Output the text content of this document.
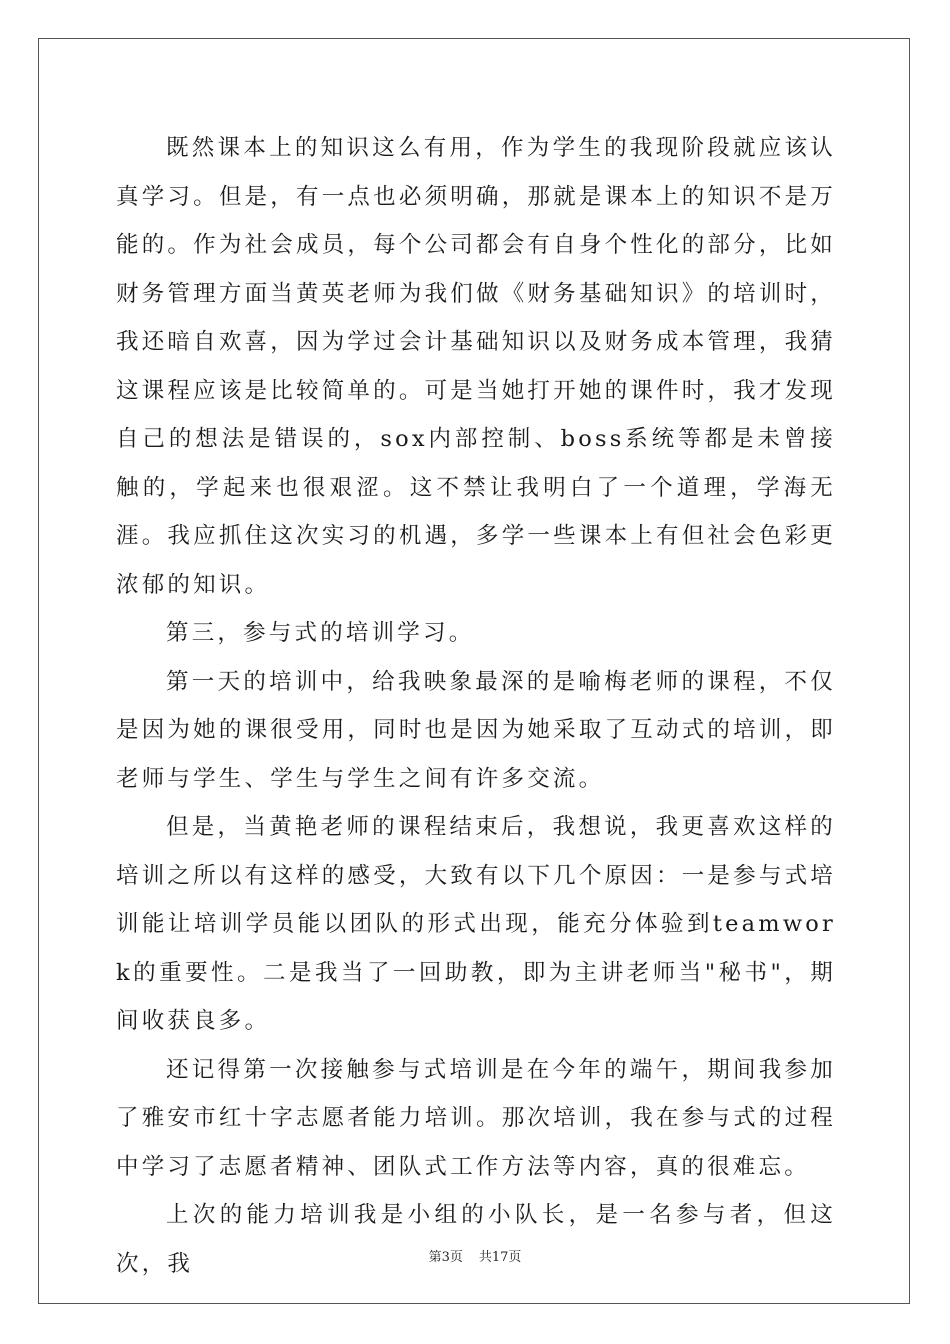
既然课本上的知识这么有用，作为学生的我现阶段就应该认真学习。但是，有一点也必须明确，那就是课本上的知识不是万能的。作为社会成员，每个公司都会有自身个性化的部分，比如财务管理方面当黄英老师为我们做《财务基础知识》的培训时，我还暗自欢喜，因为学过会计基础知识以及财务成本管理，我猜这课程应该是比较简单的。可是当她打开她的课件时，我才发现自己的想法是错误的，sox内部控制、boss系统等都是未曾接触的，学起来也很艰涩。这不禁让我明白了一个道理，学海无涯。我应抓住这次实习的机遇，多学一些课本上有但社会色彩更浓郁的知识。

第三，参与式的培训学习。

第一天的培训中，给我映象最深的是喻梅老师的课程，不仅是因为她的课很受用，同时也是因为她采取了互动式的培训，即老师与学生、学生与学生之间有许多交流。

但是，当黄艳老师的课程结束后，我想说，我更喜欢这样的培训之所以有这样的感受，大致有以下几个原因：一是参与式培训能让培训学员能以团队的形式出现，能充分体验到teamwork的重要性。二是我当了一回助教，即为主讲老师当"秘书"，期间收获良多。

还记得第一次接触参与式培训是在今年的端午，期间我参加了雅安市红十字志愿者能力培训。那次培训，我在参与式的过程中学习了志愿者精神、团队式工作方法等内容，真的很难忘。

上次的能力培训我是小组的小队长，是一名参与者，但这次，我	第3页 共17页
